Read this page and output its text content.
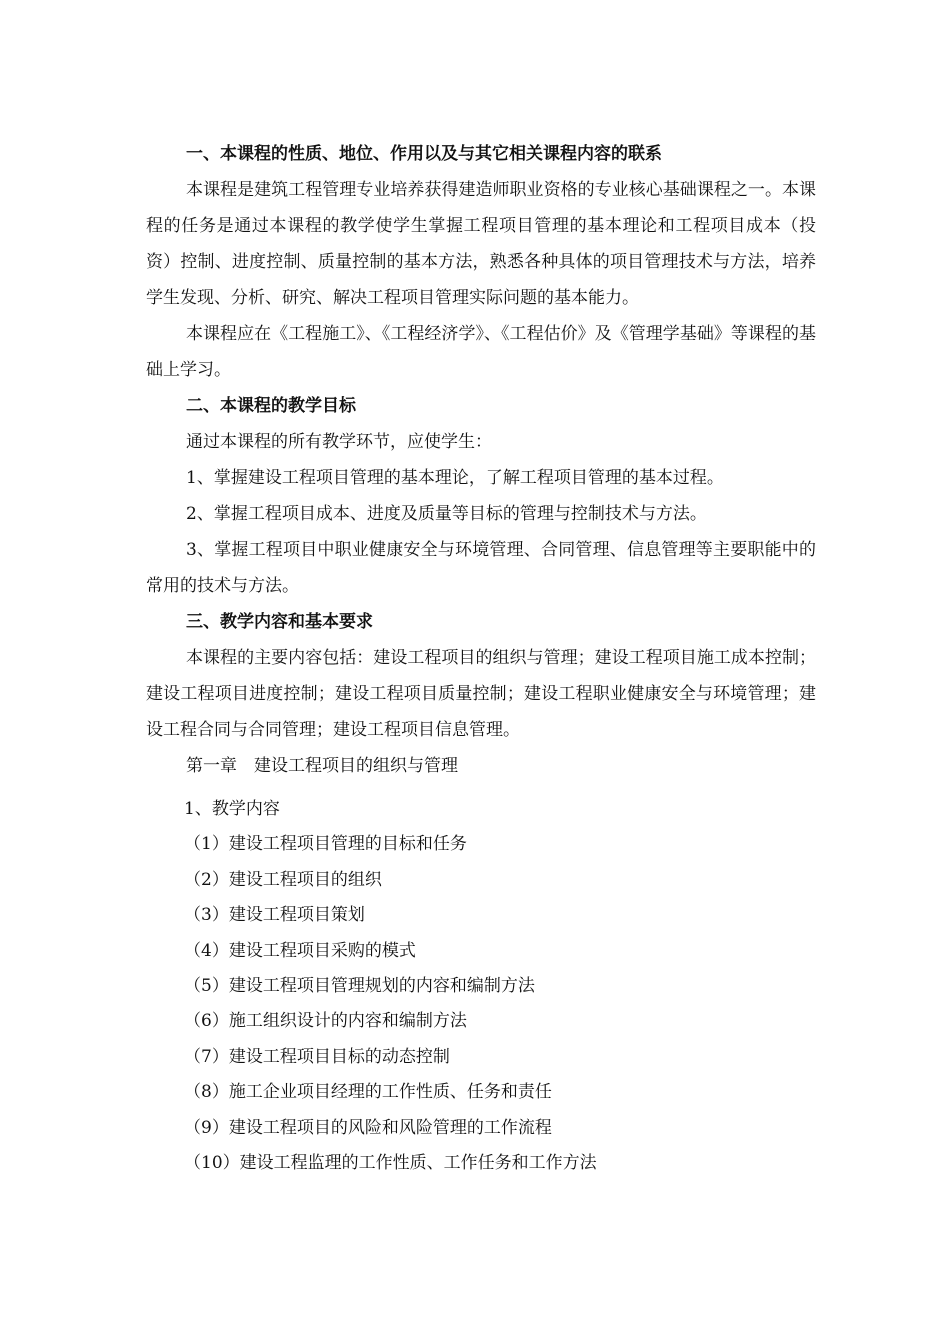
一、本课程的性质、地位、作用以及与其它相关课程内容的联系
本课程是建筑工程管理专业培养获得建造师职业资格的专业核心基础课程之一。本课程的任务是通过本课程的教学使学生掌握工程项目管理的基本理论和工程项目成本（投资）控制、进度控制、质量控制的基本方法，熟悉各种具体的项目管理技术与方法，培养学生发现、分析、研究、解决工程项目管理实际问题的基本能力。
本课程应在《工程施工》、《工程经济学》、《工程估价》及《管理学基础》等课程的基础上学习。
二、本课程的教学目标
通过本课程的所有教学环节，应使学生：
1、掌握建设工程项目管理的基本理论，了解工程项目管理的基本过程。
2、掌握工程项目成本、进度及质量等目标的管理与控制技术与方法。
3、掌握工程项目中职业健康安全与环境管理、合同管理、信息管理等主要职能中的常用的技术与方法。
三、教学内容和基本要求
本课程的主要内容包括：建设工程项目的组织与管理；建设工程项目施工成本控制；建设工程项目进度控制；建设工程项目质量控制；建设工程职业健康安全与环境管理；建设工程合同与合同管理；建设工程项目信息管理。
第一章　建设工程项目的组织与管理
1、教学内容
（1）建设工程项目管理的目标和任务
（2）建设工程项目的组织
（3）建设工程项目策划
（4）建设工程项目采购的模式
（5）建设工程项目管理规划的内容和编制方法
（6）施工组织设计的内容和编制方法
（7）建设工程项目目标的动态控制
（8）施工企业项目经理的工作性质、任务和责任
（9）建设工程项目的风险和风险管理的工作流程
（10）建设工程监理的工作性质、工作任务和工作方法
